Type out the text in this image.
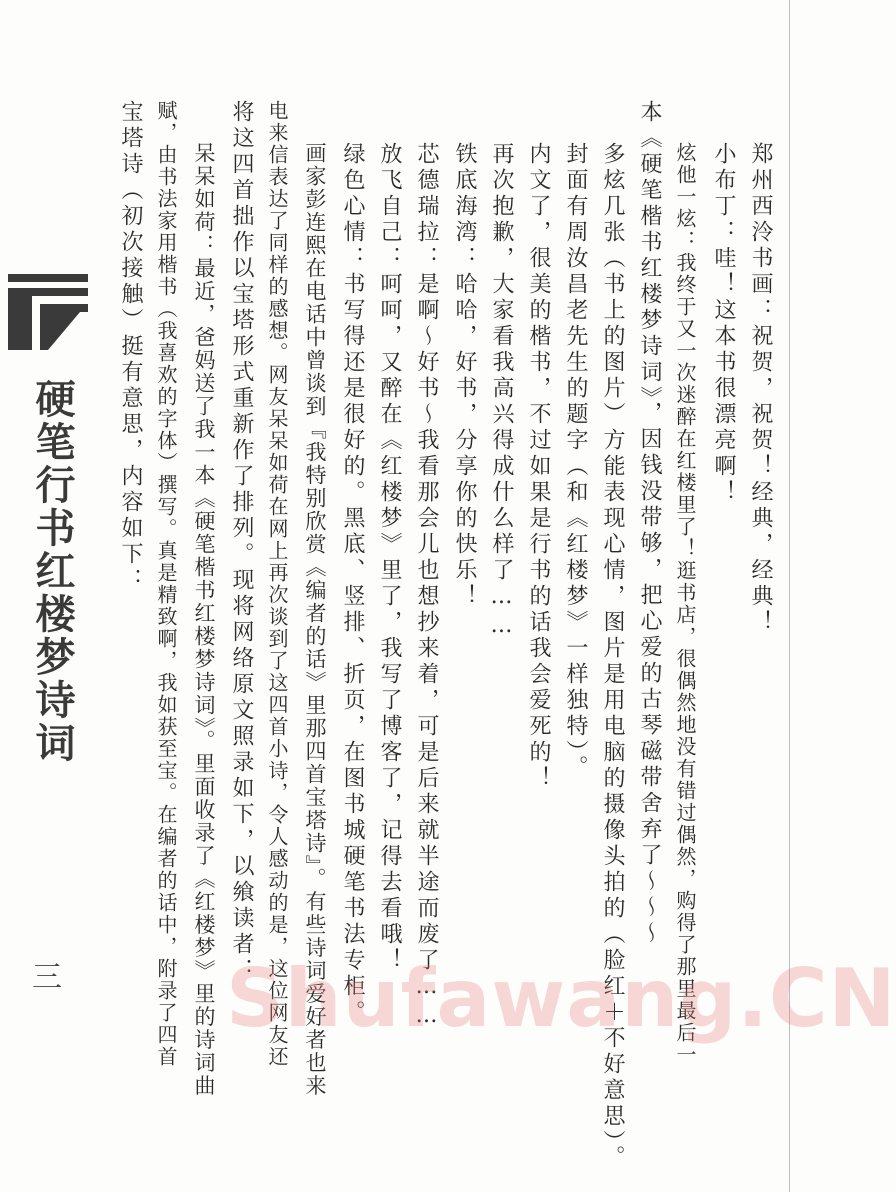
硬笔行书红楼梦诗词
三
郑州西泠书画：祝贺，祝贺！经典，经典！
小布丁：哇！这本书很漂亮啊！
炫他一炫：我终于又一次迷醉在红楼里了！逛书店，很偶然地没有错过偶然，购得了那里最后一
本《硬笔楷书红楼梦诗词》，因钱没带够，把心爱的古琴磁带舍弃了～～～
多炫几张（书上的图片）方能表现心情，图片是用电脑的摄像头拍的（脸红＋不好意思）。
封面有周汝昌老先生的题字（和《红楼梦》一样独特）。
内文了，很美的楷书，不过如果是行书的话我会爱死的！
再次抱歉，大家看我高兴得成什么样了……
铁底海湾：哈哈，好书，分享你的快乐！
芯德瑞拉：是啊～好书～我看那会儿也想抄来着，可是后来就半途而废了……
放飞自己：呵呵，又醉在《红楼梦》里了，我写了博客了，记得去看哦！
绿色心情：书写得还是很好的。黑底、竖排、折页，在图书城硬笔书法专柜。
画家彭连熙在电话中曾谈到『我特别欣赏《编者的话》里那四首宝塔诗』。有些诗词爱好者也来
电来信表达了同样的感想。网友呆呆如荷在网上再次谈到了这四首小诗，令人感动的是，这位网友还
将这四首拙作以宝塔形式重新作了排列。现将网络原文照录如下，以飨读者：
呆呆如荷：最近，爸妈送了我一本《硬笔楷书红楼梦诗词》。里面收录了《红楼梦》里的诗词曲
赋，由书法家用楷书（我喜欢的字体）撰写。真是精致啊，我如获至宝。在编者的话中，附录了四首
宝塔诗（初次接触）挺有意思，内容如下：
Shufawang.CN
